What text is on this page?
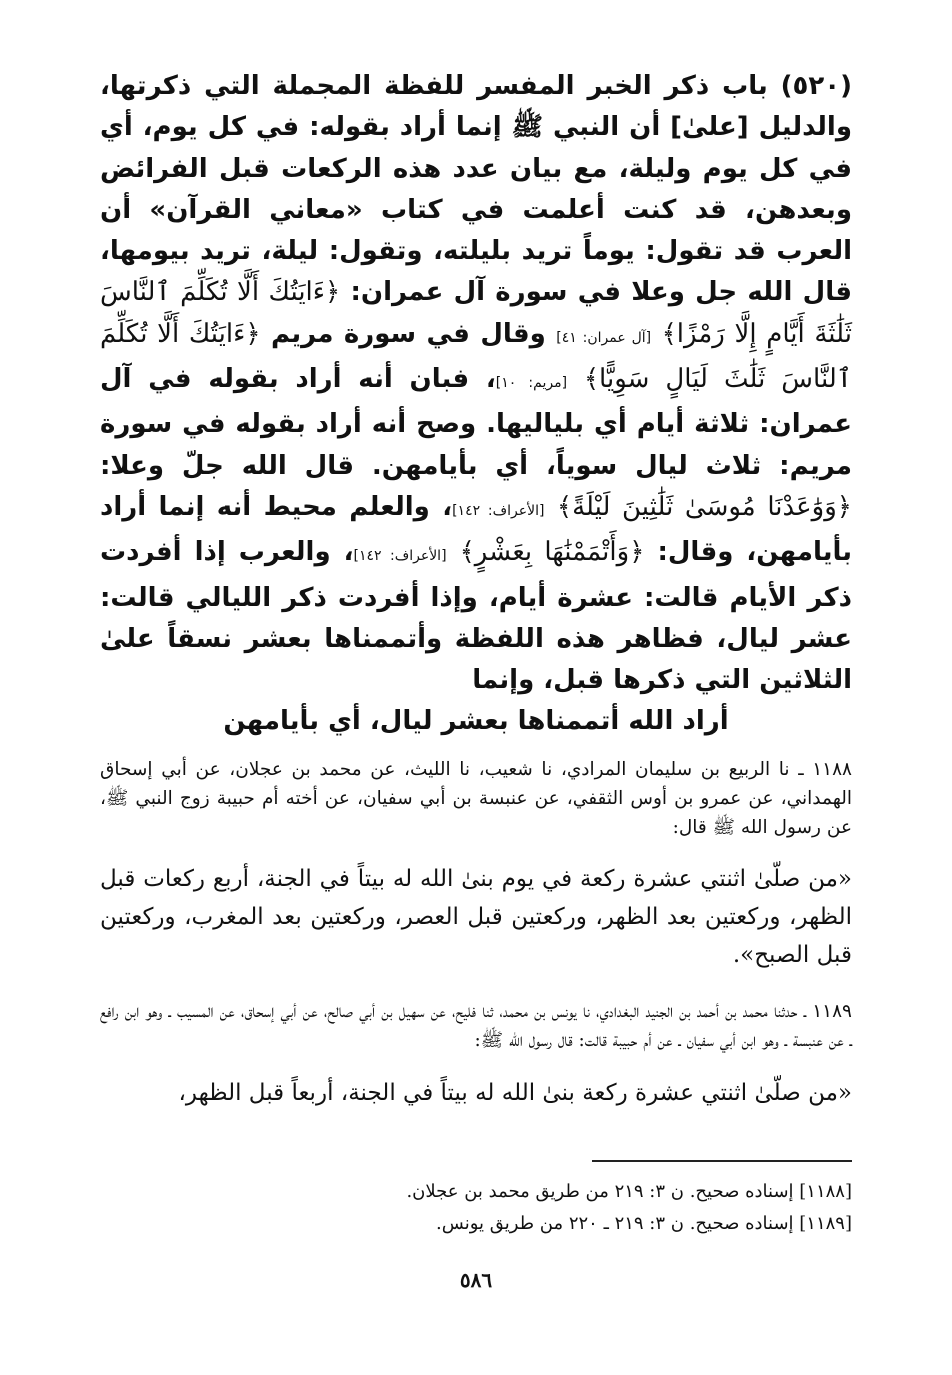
(٥٢٠) باب ذكر الخبر المفسر للفظة المجملة التي ذكرتها، والدليل [علىٰ] أن النبي ﷺ إنما أراد بقوله: في كل يوم، أي في كل يوم وليلة، مع بيان عدد هذه الركعات قبل الفرائض وبعدهن، قد كنت أعلمت في كتاب «معاني القرآن» أن العرب قد تقول: يوماً تريد بليلته، وتقول: ليلة، تريد بيومها، قال الله جل وعلا في سورة آل عمران: ﴿ءَايَتُكَ أَلَّا تُكَلِّمَ ٱلنَّاسَ ثَلَٰثَةَ أَيَّامٍ إِلَّا رَمْزًا﴾ [آل عمران: ٤١] وقال في سورة مريم ﴿ءَايَتُكَ أَلَّا تُكَلِّمَ ٱلنَّاسَ ثَلَٰثَ لَيَالٍ سَوِيًّا﴾ [مريم: ١٠]، فبان أنه أراد بقوله في آل عمران: ثلاثة أيام أي بلياليها. وصح أنه أراد بقوله في سورة مريم: ثلاث ليال سوياً، أي بأيامهن. قال الله جلّ وعلا: ﴿وَوَٰعَدْنَا مُوسَىٰ ثَلَٰثِينَ لَيْلَةً﴾ [الأعراف: ١٤٢]، والعلم محيط أنه إنما أراد بأيامهن، وقال: ﴿وَأَتْمَمْنَٰهَا بِعَشْرٍ﴾ [الأعراف: ١٤٢]، والعرب إذا أفردت ذكر الأيام قالت: عشرة أيام، وإذا أفردت ذكر الليالي قالت: عشر ليال، فظاهر هذه اللفظة وأتممناها بعشر نسقاً علىٰ الثلاثين التي ذكرها قبل، وإنما
أراد الله أتممناها بعشر ليال، أي بأيامهن

١١٨٨ ـ نا الربيع بن سليمان المرادي، نا شعيب، نا الليث، عن محمد بن عجلان، عن أبي إسحاق الهمداني، عن عمرو بن أوس الثقفي، عن عنبسة بن أبي سفيان، عن أخته أم حبيبة زوج النبي ﷺ، عن رسول الله ﷺ قال:

«من صلّىٰ اثنتي عشرة ركعة في يوم بنىٰ الله له بيتاً في الجنة، أربع ركعات قبل الظهر، وركعتين بعد الظهر، وركعتين قبل العصر، وركعتين بعد المغرب، وركعتين قبل الصبح».

١١٨٩ ـ حدثنا محمد بن أحمد بن الجنيد البغدادي، نا يونس بن محمد، ثنا فليح، عن سهيل بن أبي صالح، عن أبي إسحاق، عن المسيب ـ وهو ابن رافع ـ عن عنبسة ـ وهو ابن أبي سفيان ـ عن أم حبيبة قالت: قال رسول الله ﷺ:

«من صلّىٰ اثنتي عشرة ركعة بنىٰ الله له بيتاً في الجنة، أربعاً قبل الظهر،

[١١٨٨] إسناده صحيح. ن ٣: ٢١٩ من طريق محمد بن عجلان.
[١١٨٩] إسناده صحيح. ن ٣: ٢١٩ ـ ٢٢٠ من طريق يونس.
٥٨٦
